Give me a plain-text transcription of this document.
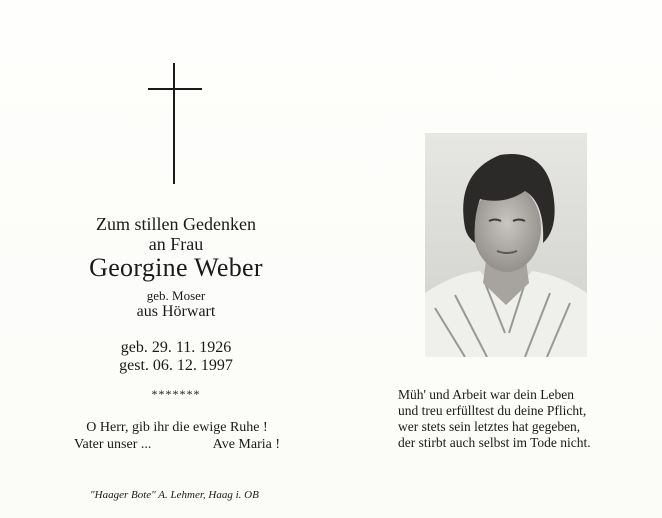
Zum stillen Gedenken
an Frau
Georgine Weber
geb. Moser
aus Hörwart
geb. 29. 11. 1926
gest. 06. 12. 1997
*******
O Herr, gib ihr die ewige Ruhe !
Vater unser ...	Ave Maria !
"Haager Bote" A. Lehmer, Haag i. OB
Müh' und Arbeit war dein Leben
und treu erfülltest du deine Pflicht,
wer stets sein letztes hat gegeben,
der stirbt auch selbst im Tode nicht.
